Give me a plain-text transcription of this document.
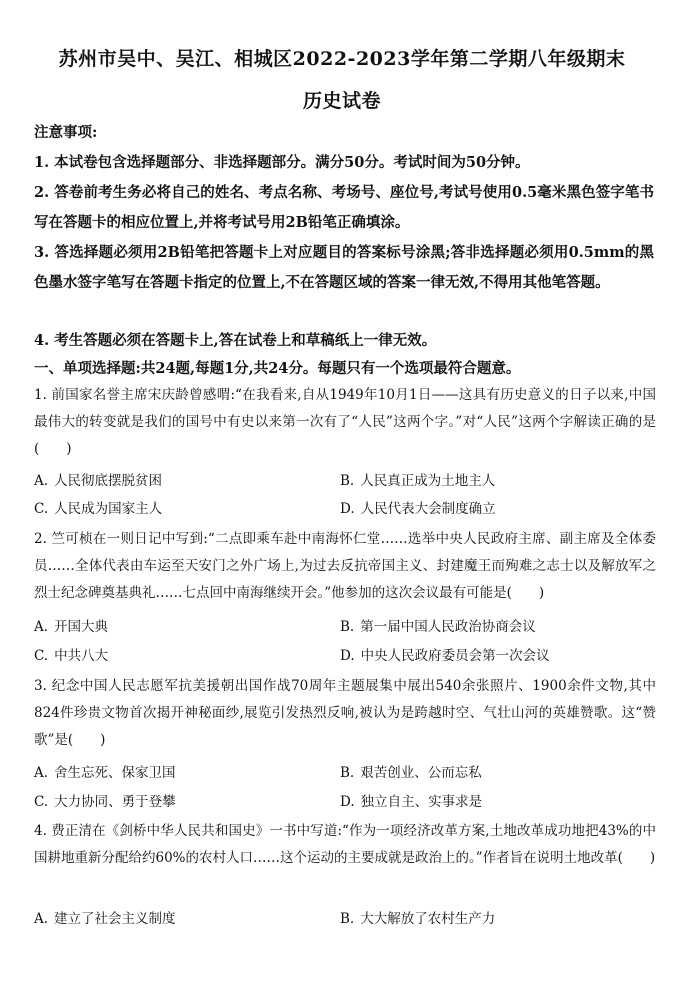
苏州市吴中、吴江、相城区2022-2023学年第二学期八年级期末
历史试卷
注意事项:
1. 本试卷包含选择题部分、非选择题部分。满分50分。考试时间为50分钟。
2. 答卷前考生务必将自己的姓名、考点名称、考场号、座位号,考试号使用0.5毫米黑色签字笔书写在答题卡的相应位置上,并将考试号用2B铅笔正确填涂。
3. 答选择题必须用2B铅笔把答题卡上对应题目的答案标号涂黑;答非选择题必须用0.5mm的黑色墨水签字笔写在答题卡指定的位置上,不在答题区域的答案一律无效,不得用其他笔答题。
4. 考生答题必须在答题卡上,答在试卷上和草稿纸上一律无效。
一、单项选择题:共24题,每题1分,共24分。每题只有一个选项最符合题意。
1. 前国家名誉主席宋庆龄曾感喟:“在我看来,自从1949年10月1日——这具有历史意义的日子以来,中国最伟大的转变就是我们的国号中有史以来第一次有了“人民”这两个字。”对“人民”这两个字解读正确的是(　　)
A. 人民彻底摆脱贫困	B. 人民真正成为土地主人
C. 人民成为国家主人	D. 人民代表大会制度确立
2. 竺可桢在一则日记中写到:“二点即乘车赴中南海怀仁堂……选举中央人民政府主席、副主席及全体委员……全体代表由车运至天安门之外广场上,为过去反抗帝国主义、封建魔王而殉难之志士以及解放军之烈士纪念碑奠基典礼……七点回中南海继续开会。”他参加的这次会议最有可能是(　　)
A. 开国大典	B. 第一届中国人民政治协商会议
C. 中共八大	D. 中央人民政府委员会第一次会议
3. 纪念中国人民志愿军抗美援朝出国作战70周年主题展集中展出540余张照片、1900余件文物,其中824件珍贵文物首次揭开神秘面纱,展览引发热烈反响,被认为是跨越时空、气壮山河的英雄赞歌。这“赞歌”是(　　)
A. 舍生忘死、保家卫国	B. 艰苦创业、公而忘私
C. 大力协同、勇于登攀	D. 独立自主、实事求是
4. 费正清在《剑桥中华人民共和国史》一书中写道:“作为一项经济改革方案,土地改革成功地把43%的中国耕地重新分配给约60%的农村人口……这个运动的主要成就是政治上的。”作者旨在说明土地改革(　　)
A. 建立了社会主义制度	B. 大大解放了农村生产力
